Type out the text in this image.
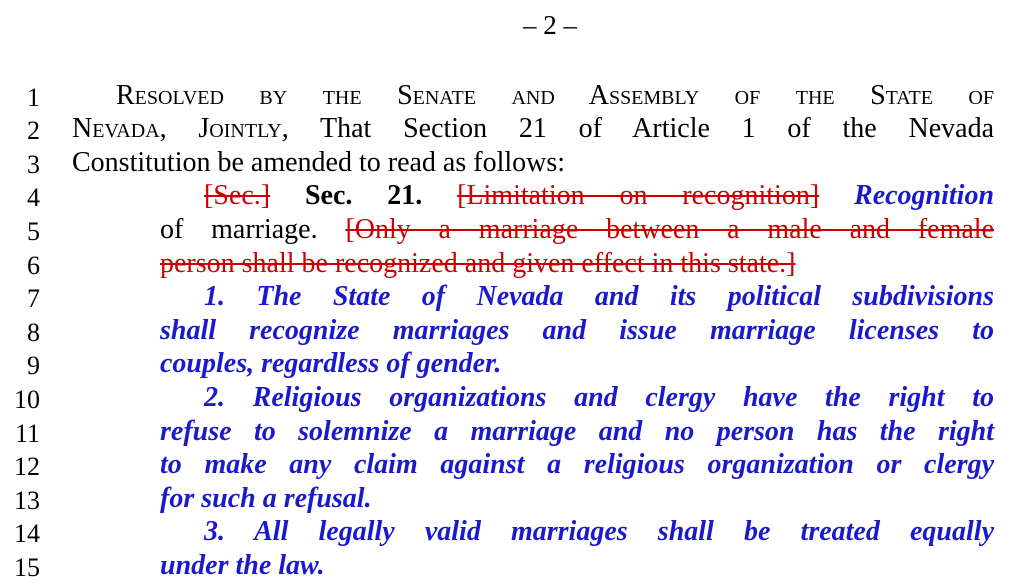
– 2 –
1
2
3
4
5
6
7
8
9
10
11
12
13
14
15
Resolved by the Senate and Assembly of the State of
Nevada, Jointly, That Section 21 of Article 1 of the Nevada
Constitution be amended to read as follows:
[Sec.] Sec. 21. [Limitation on recognition] Recognition
of marriage. [Only a marriage between a male and female
person shall be recognized and given effect in this state.]
1. The State of Nevada and its political subdivisions
shall recognize marriages and issue marriage licenses to
couples, regardless of gender.
2. Religious organizations and clergy have the right to
refuse to solemnize a marriage and no person has the right
to make any claim against a religious organization or clergy
for such a refusal.
3. All legally valid marriages shall be treated equally
under the law.
